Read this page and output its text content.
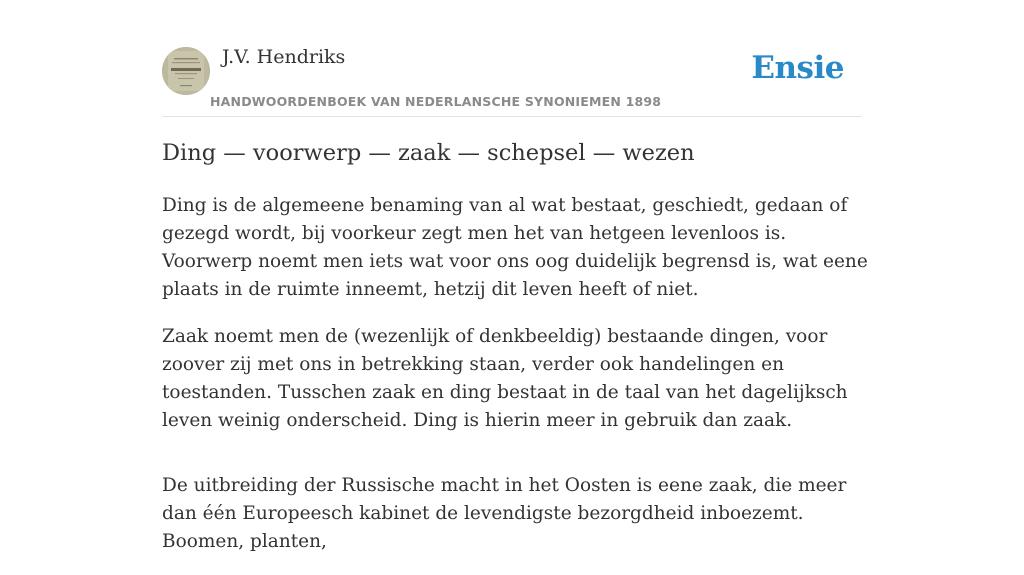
J.V. Hendriks

HANDWOORDENBOEK VAN NEDERLANSCHE SYNONIEMEN 1898
Ensie
Ding — voorwerp — zaak — schepsel — wezen

Ding is de algemeene benaming van al wat bestaat, geschiedt, gedaan of gezegd wordt, bij voorkeur zegt men het van hetgeen levenloos is. Voorwerp noemt men iets wat voor ons oog duidelijk begrensd is, wat eene plaats in de ruimte inneemt, hetzij dit leven heeft of niet.

Zaak noemt men de (wezenlijk of denkbeeldig) bestaande dingen, voor zoover zij met ons in betrekking staan, verder ook handelingen en toestanden. Tusschen zaak en ding bestaat in de taal van het dagelijksch leven weinig onderscheid. Ding is hierin meer in gebruik dan zaak.

De uitbreiding der Russische macht in het Oosten is eene zaak, die meer dan één Europeesch kabinet de levendigste bezorgdheid inboezemt. Boomen, planten,
